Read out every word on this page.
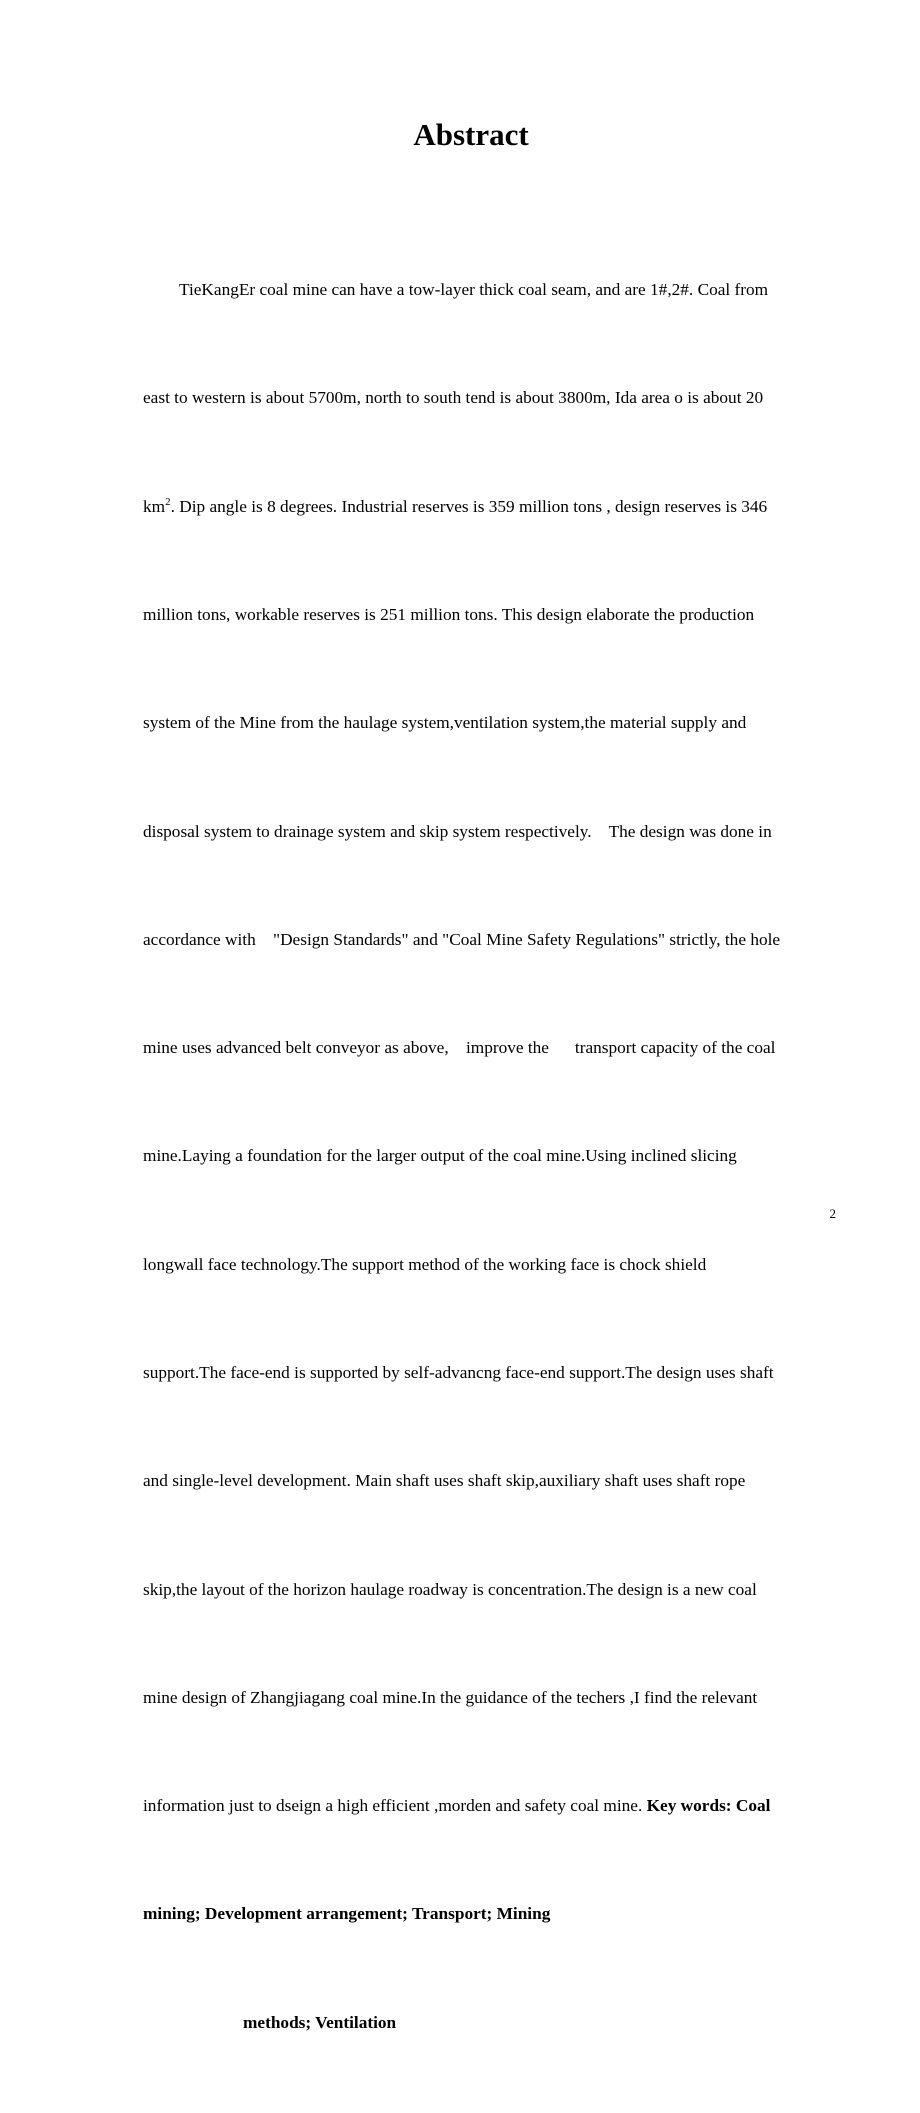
Abstract

TieKangEr coal mine can have a tow-layer thick coal seam, and are 1#,2#. Coal from

east to western is about 5700m, north to south tend is about 3800m, Ida area o is about 20

$km^2$. Dip angle is 8 degrees. Industrial reserves is 359 million tons , design reserves is 346

million tons, workable reserves is 251 million tons. This design elaborate the production

system of the Mine from the haulage system,ventilation system,the material supply and

disposal system to drainage system and skip system respectively.    The design was done in

accordance with    "Design Standards" and "Coal Mine Safety Regulations" strictly, the hole

mine uses advanced belt conveyor as above,    improve the      transport capacity of the coal

mine.Laying a foundation for the larger output of the coal mine.Using inclined slicing

longwall face technology.The support method of the working face is chock shield

support.The face-end is supported by self-advancng face-end support.The design uses shaft

and single-level development. Main shaft uses shaft skip,auxiliary shaft uses shaft rope

skip,the layout of the horizon haulage roadway is concentration.The design is a new coal

mine design of Zhangjiagang coal mine.In the guidance of the techers ,I find the relevant

information just to dseign a high efficient ,morden and safety coal mine. Key words: Coal

mining; Development arrangement; Transport; Mining

methods; Ventilation

2
